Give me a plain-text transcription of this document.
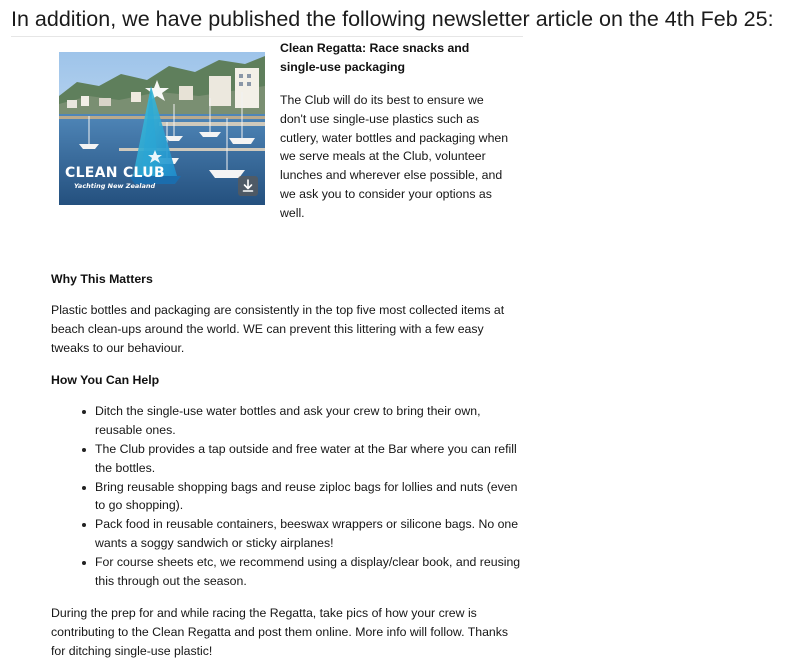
In addition, we have published the following newsletter article on the 4th Feb 25:

CLEAN CLUB
Yachting New Zealand
Clean Regatta: Race snacks and single-use packaging

The Club will do its best to ensure we don't use single-use plastics such as cutlery, water bottles and packaging when we serve meals at the Club, volunteer lunches and wherever else possible, and we ask you to consider your options as well.

Why This Matters

Plastic bottles and packaging are consistently in the top five most collected items at beach clean-ups around the world. WE can prevent this littering with a few easy tweaks to our behaviour.

How You Can Help
Ditch the single-use water bottles and ask your crew to bring their own, reusable ones.
The Club provides a tap outside and free water at the Bar where you can refill the bottles.
Bring reusable shopping bags and reuse ziploc bags for lollies and nuts (even to go shopping).
Pack food in reusable containers, beeswax wrappers or silicone bags. No one wants a soggy sandwich or sticky airplanes!
For course sheets etc, we recommend using a display/clear book, and reusing this through out the season.

During the prep for and while racing the Regatta, take pics of how your crew is contributing to the Clean Regatta and post them online. More info will follow. Thanks for ditching single-use plastic!
